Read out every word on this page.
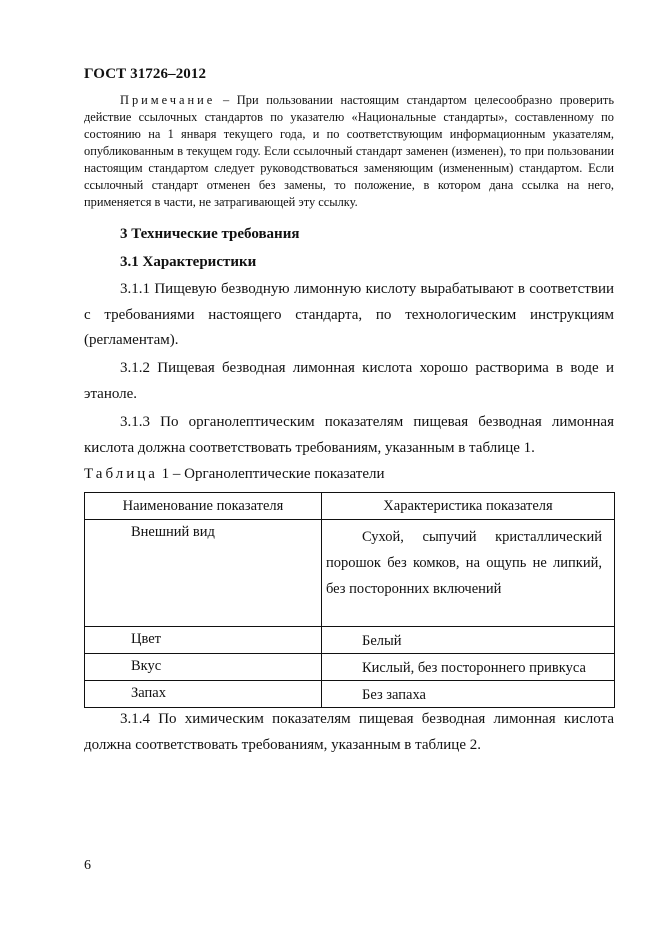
ГОСТ 31726–2012

Примечание – При пользовании настоящим стандартом целесообразно проверить действие ссылочных стандартов по указателю «Национальные стандарты», составленному по состоянию на 1 января текущего года, и по соответствующим информационным указателям, опубликованным в текущем году. Если ссылочный стандарт заменен (изменен), то при пользовании настоящим стандартом следует руководствоваться заменяющим (измененным) стандартом. Если ссылочный стандарт отменен без замены, то положение, в котором дана ссылка на него, применяется в части, не затрагивающей эту ссылку.

3 Технические требования
3.1 Характеристики

3.1.1 Пищевую безводную лимонную кислоту вырабатывают в соответствии с требованиями настоящего стандарта, по технологическим инструкциям (регламентам).

3.1.2 Пищевая безводная лимонная кислота хорошо растворима в воде и этаноле.

3.1.3 По органолептическим показателям пищевая безводная лимонная кислота должна соответствовать требованиям, указанным в таблице 1.

Таблица 1 – Органолептические показатели
Наименование показателя	Характеристика показателя
Внешний вид	Сухой, сыпучий кристаллический порошок без комков, на ощупь не липкий, без посторонних включений

Цвет	Белый

Вкус	Кислый, без постороннего привкуса

Запах	Без запаха

3.1.4 По химическим показателям пищевая безводная лимонная кислота должна соответствовать требованиям, указанным в таблице 2.

6
